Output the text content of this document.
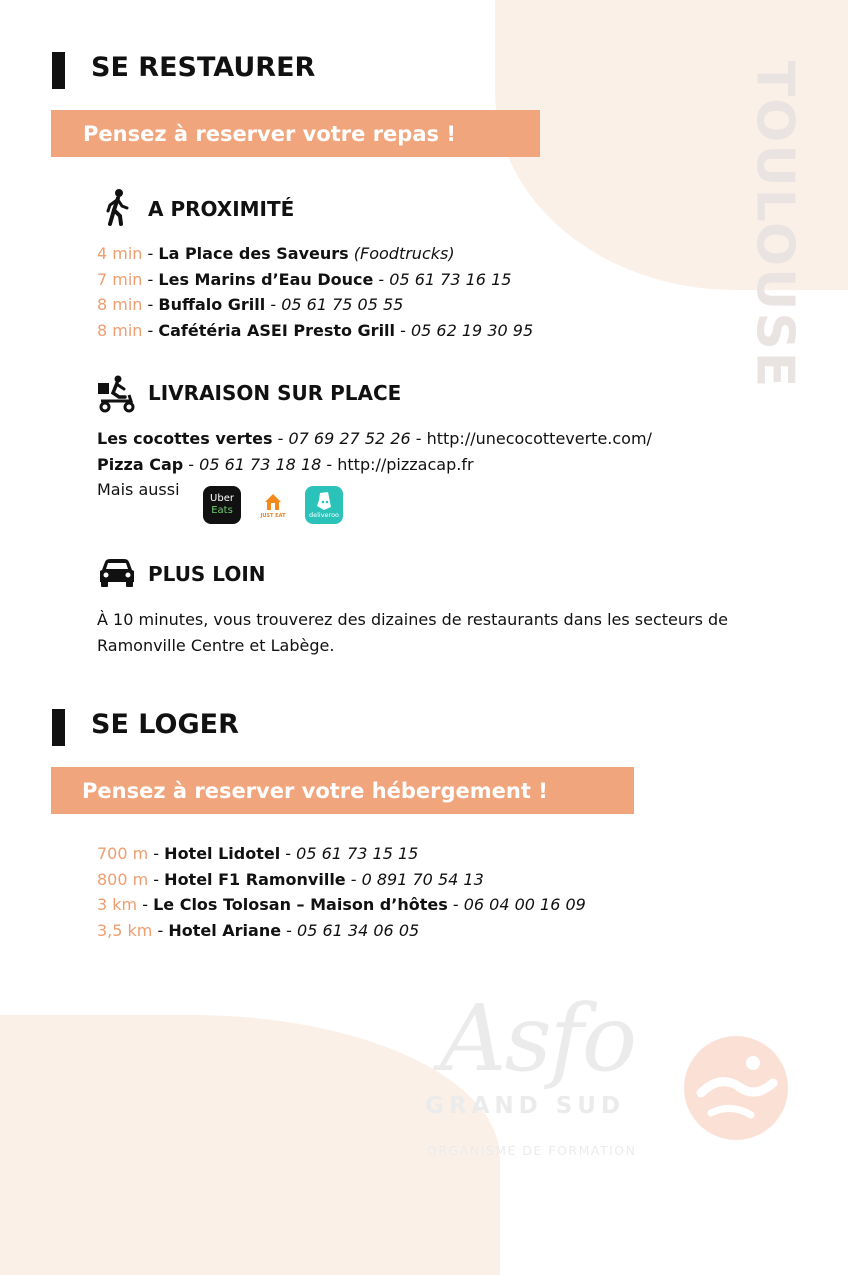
TOULOUSE
SE RESTAURER
Pensez à reserver votre repas !
A PROXIMITÉ
4 min - La Place des Saveurs (Foodtrucks)
7 min - Les Marins d’Eau Douce - 05 61 73 16 15
8 min - Buffalo Grill - 05 61 75 05 55
8 min - Cafétéria ASEI Presto Grill - 05 62 19 30 95
LIVRAISON SUR PLACE
Les cocottes vertes - 07 69 27 52 26 - http://unecocotteverte.com/
Pizza Cap - 05 61 73 18 18 - http://pizzacap.fr
Mais aussi	Uber
Eats	JUST EAT	deliveroo
PLUS LOIN
À 10 minutes, vous trouverez des dizaines de restaurants dans les secteurs de Ramonville Centre et Labège.
SE LOGER
Pensez à reserver votre hébergement !
700 m - Hotel Lidotel - 05 61 73 15 15
800 m - Hotel F1 Ramonville - 0 891 70 54 13
3 km - Le Clos Tolosan – Maison d’hôtes - 06 04 00 16 09
3,5 km - Hotel Ariane - 05 61 34 06 05
Asfo
GRAND SUD
ORGANISME DE FORMATION
